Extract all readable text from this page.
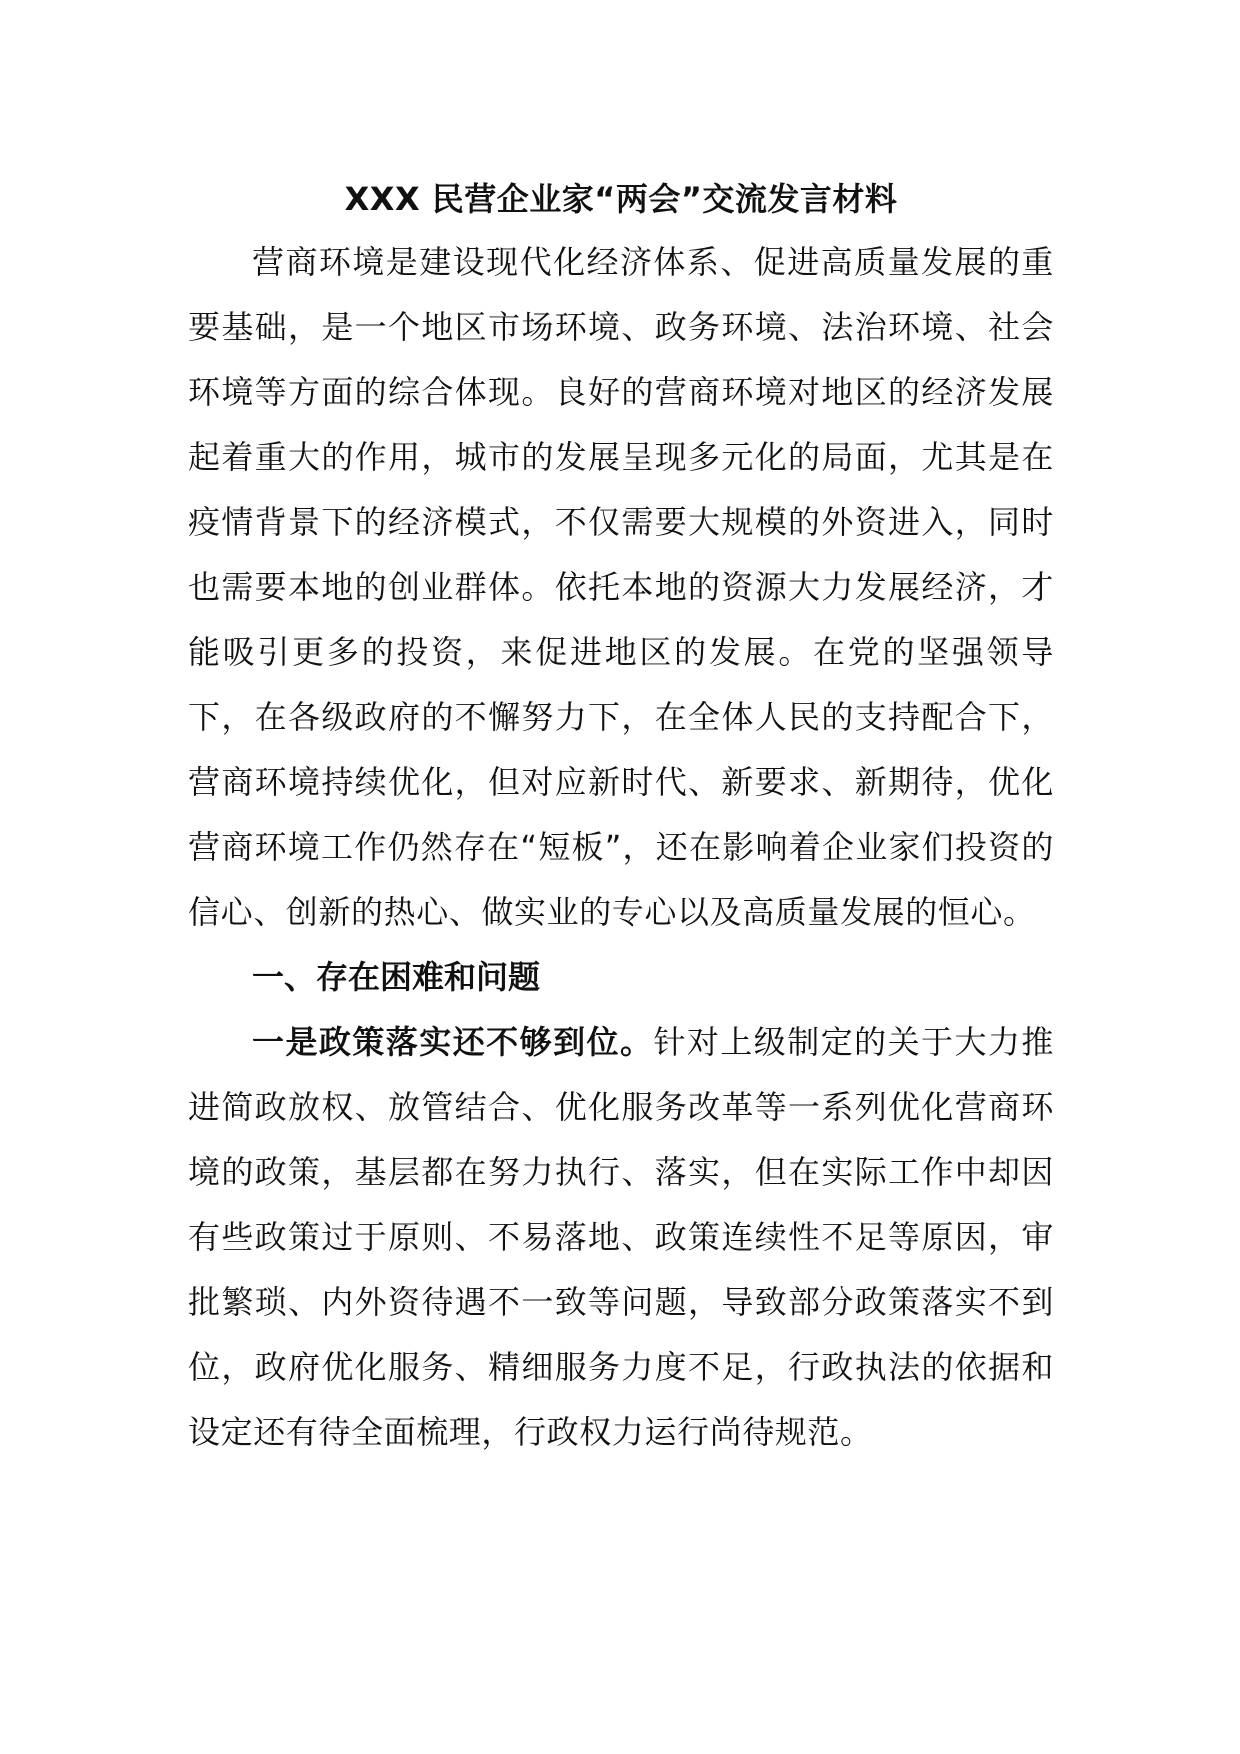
XXX 民营企业家“两会”交流发言材料

营商环境是建设现代化经济体系、促进高质量发展的重要基础，是一个地区市场环境、政务环境、法治环境、社会环境等方面的综合体现。良好的营商环境对地区的经济发展起着重大的作用，城市的发展呈现多元化的局面，尤其是在疫情背景下的经济模式，不仅需要大规模的外资进入，同时也需要本地的创业群体。依托本地的资源大力发展经济，才能吸引更多的投资，来促进地区的发展。在党的坚强领导下，在各级政府的不懈努力下，在全体人民的支持配合下，营商环境持续优化，但对应新时代、新要求、新期待，优化营商环境工作仍然存在“短板”，还在影响着企业家们投资的信心、创新的热心、做实业的专心以及高质量发展的恒心。

一、存在困难和问题

一是政策落实还不够到位。针对上级制定的关于大力推进简政放权、放管结合、优化服务改革等一系列优化营商环境的政策，基层都在努力执行、落实，但在实际工作中却因有些政策过于原则、不易落地、政策连续性不足等原因，审批繁琐、内外资待遇不一致等问题，导致部分政策落实不到位，政府优化服务、精细服务力度不足，行政执法的依据和设定还有待全面梳理，行政权力运行尚待规范。
